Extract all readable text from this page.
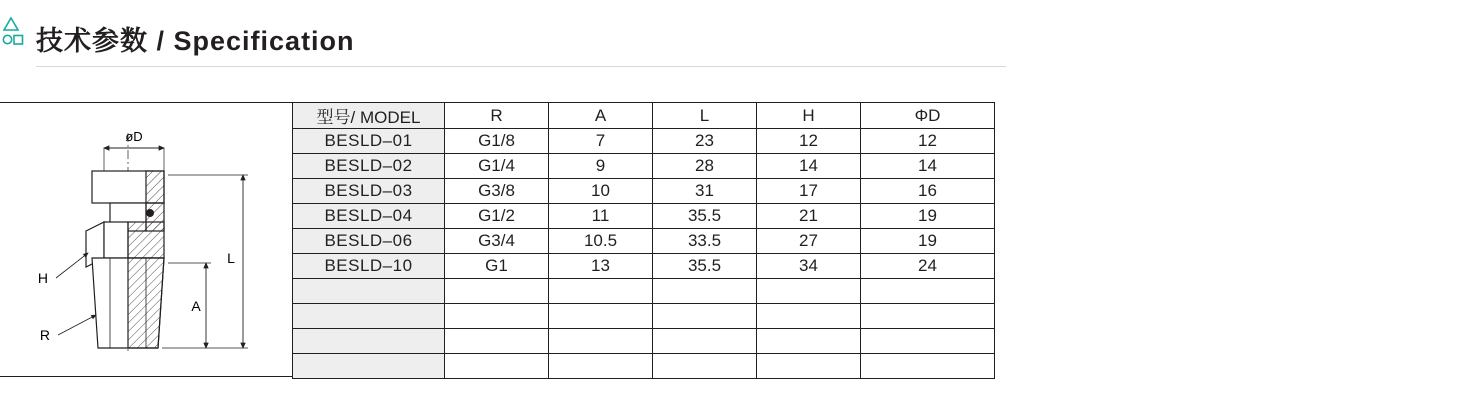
技术参数 / Specification
øD
L
A
H
R
型号/ MODEL	R	A	L	H	ΦD
BESLD–01	G1/8	7	23	12	12
BESLD–02	G1/4	9	28	14	14
BESLD–03	G3/8	10	31	17	16
BESLD–04	G1/2	11	35.5	21	19
BESLD–06	G3/4	10.5	33.5	27	19
BESLD–10	G1	13	35.5	34	24
